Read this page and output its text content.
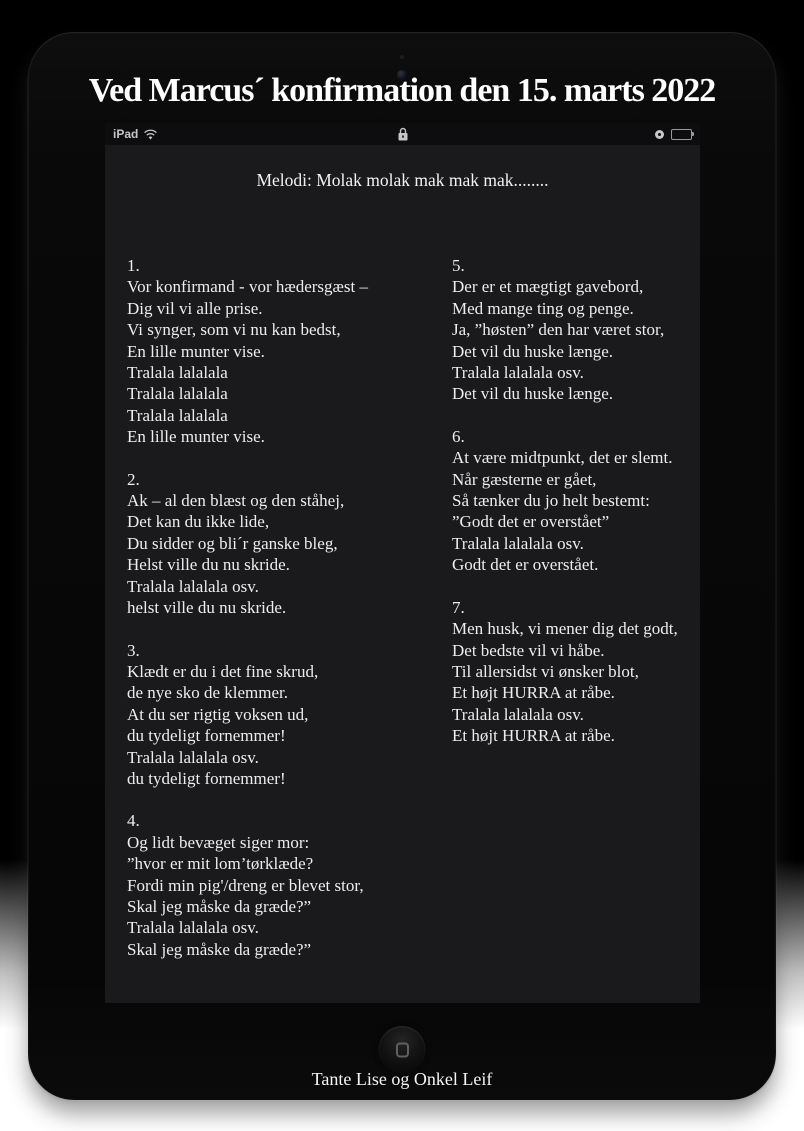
Ved Marcus´ konfirmation den 15. marts 2022
iPad

Melodi: Molak molak mak mak mak........

1.
Vor konfirmand - vor hædersgæst –
Dig vil vi alle prise.
Vi synger, som vi nu kan bedst,
En lille munter vise.
Tralala lalalala
Tralala lalalala
Tralala lalalala
En lille munter vise.
2.
Ak – al den blæst og den ståhej,
Det kan du ikke lide,
Du sidder og bli´r ganske bleg,
Helst ville du nu skride.
Tralala lalalala osv.
helst ville du nu skride.
3.
Klædt er du i det fine skrud,
de nye sko de klemmer.
At du ser rigtig voksen ud,
du tydeligt fornemmer!
Tralala lalalala osv.
du tydeligt fornemmer!
4.
Og lidt bevæget siger mor:
”hvor er mit lom’tørklæde?
Fordi min pig'/dreng er blevet stor,
Skal jeg måske da græde?”
Tralala lalalala osv.
Skal jeg måske da græde?”
5.
Der er et mægtigt gavebord,
Med mange ting og penge.
Ja, ”høsten” den har været stor,
Det vil du huske længe.
Tralala lalalala osv.
Det vil du huske længe.
6.
At være midtpunkt, det er slemt.
Når gæsterne er gået,
Så tænker du jo helt bestemt:
”Godt det er overstået”
Tralala lalalala osv.
Godt det er overstået.
7.
Men husk, vi mener dig det godt,
Det bedste vil vi håbe.
Til allersidst vi ønsker blot,
Et højt HURRA at råbe.
Tralala lalalala osv.
Et højt HURRA at råbe.

Tante Lise og Onkel Leif
